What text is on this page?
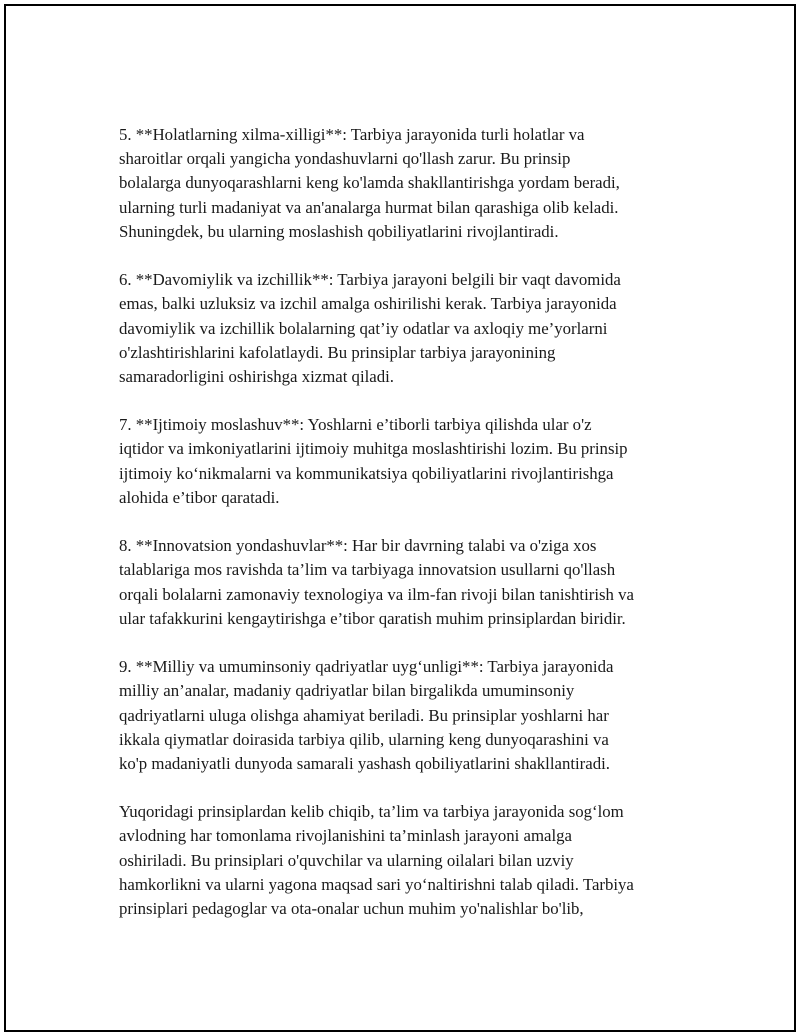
5. **Holatlarning xilma-xilligi**: Tarbiya jarayonida turli holatlar va
sharoitlar orqali yangicha yondashuvlarni qo'llash zarur. Bu prinsip
bolalarga dunyoqarashlarni keng ko'lamda shakllantirishga yordam beradi,
ularning turli madaniyat va an'analarga hurmat bilan qarashiga olib keladi.
Shuningdek, bu ularning moslashish qobiliyatlarini rivojlantiradi.
6. **Davomiylik va izchillik**: Tarbiya jarayoni belgili bir vaqt davomida
emas, balki uzluksiz va izchil amalga oshirilishi kerak. Tarbiya jarayonida
davomiylik va izchillik bolalarning qat’iy odatlar va axloqiy me’yorlarni
o'zlashtirishlarini kafolatlaydi. Bu prinsiplar tarbiya jarayonining
samaradorligini oshirishga xizmat qiladi.
7. **Ijtimoiy moslashuv**: Yoshlarni e’tiborli tarbiya qilishda ular o'z
iqtidor va imkoniyatlarini ijtimoiy muhitga moslashtirishi lozim. Bu prinsip
ijtimoiy ko‘nikmalarni va kommunikatsiya qobiliyatlarini rivojlantirishga
alohida e’tibor qaratadi.
8. **Innovatsion yondashuvlar**: Har bir davrning talabi va o'ziga xos
talablariga mos ravishda ta’lim va tarbiyaga innovatsion usullarni qo'llash
orqali bolalarni zamonaviy texnologiya va ilm-fan rivoji bilan tanishtirish va
ular tafakkurini kengaytirishga e’tibor qaratish muhim prinsiplardan biridir.
9. **Milliy va umuminsoniy qadriyatlar uyg‘unligi**: Tarbiya jarayonida
milliy an’analar, madaniy qadriyatlar bilan birgalikda umuminsoniy
qadriyatlarni uluga olishga ahamiyat beriladi. Bu prinsiplar yoshlarni har
ikkala qiymatlar doirasida tarbiya qilib, ularning keng dunyoqarashini va
ko'p madaniyatli dunyoda samarali yashash qobiliyatlarini shakllantiradi.
Yuqoridagi prinsiplardan kelib chiqib, ta’lim va tarbiya jarayonida sog‘lom
avlodning har tomonlama rivojlanishini ta’minlash jarayoni amalga
oshiriladi. Bu prinsiplari o'quvchilar va ularning oilalari bilan uzviy
hamkorlikni va ularni yagona maqsad sari yo‘naltirishni talab qiladi. Tarbiya
prinsiplari pedagoglar va ota-onalar uchun muhim yo'nalishlar bo'lib,
